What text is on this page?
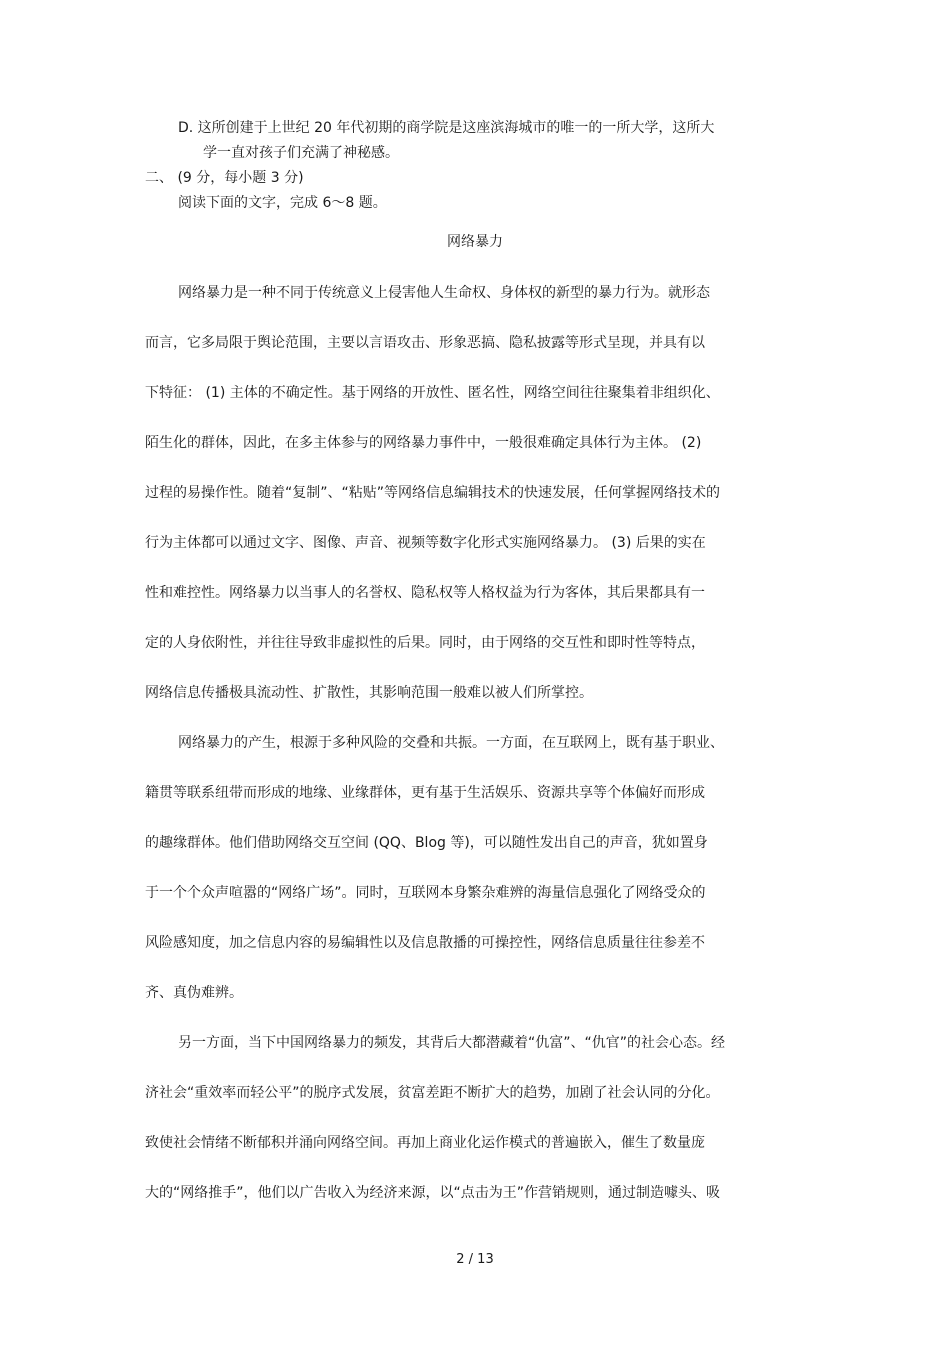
D. 这所创建于上世纪 20 年代初期的商学院是这座滨海城市的唯一的一所大学，这所大
学一直对孩子们充满了神秘感。
二、 (9 分，每小题 3 分)
阅读下面的文字，完成 6～8 题。
网络暴力
网络暴力是一种不同于传统意义上侵害他人生命权、身体权的新型的暴力行为。就形态
而言，它多局限于舆论范围，主要以言语攻击、形象恶搞、隐私披露等形式呈现，并具有以
下特征： (1) 主体的不确定性。基于网络的开放性、匿名性，网络空间往往聚集着非组织化、
陌生化的群体，因此，在多主体参与的网络暴力事件中，一般很难确定具体行为主体。 (2)
过程的易操作性。随着“复制”、“粘贴”等网络信息编辑技术的快速发展，任何掌握网络技术的
行为主体都可以通过文字、图像、声音、视频等数字化形式实施网络暴力。 (3) 后果的实在
性和难控性。网络暴力以当事人的名誉权、隐私权等人格权益为行为客体，其后果都具有一
定的人身依附性，并往往导致非虚拟性的后果。同时，由于网络的交互性和即时性等特点，
网络信息传播极具流动性、扩散性，其影响范围一般难以被人们所掌控。
网络暴力的产生，根源于多种风险的交叠和共振。一方面，在互联网上，既有基于职业、
籍贯等联系纽带而形成的地缘、业缘群体，更有基于生活娱乐、资源共享等个体偏好而形成
的趣缘群体。他们借助网络交互空间 (QQ、Blog 等)，可以随性发出自己的声音，犹如置身
于一个个众声喧嚣的“网络广场”。同时，互联网本身繁杂难辨的海量信息强化了网络受众的
风险感知度，加之信息内容的易编辑性以及信息散播的可操控性，网络信息质量往往参差不
齐、真伪难辨。
另一方面，当下中国网络暴力的频发，其背后大都潜藏着“仇富”、“仇官”的社会心态。经
济社会“重效率而轻公平”的脱序式发展，贫富差距不断扩大的趋势，加剧了社会认同的分化。
致使社会情绪不断郁积并涌向网络空间。再加上商业化运作模式的普遍嵌入，催生了数量庞
大的“网络推手”，他们以广告收入为经济来源，以“点击为王”作营销规则，通过制造噱头、吸
2 / 13
